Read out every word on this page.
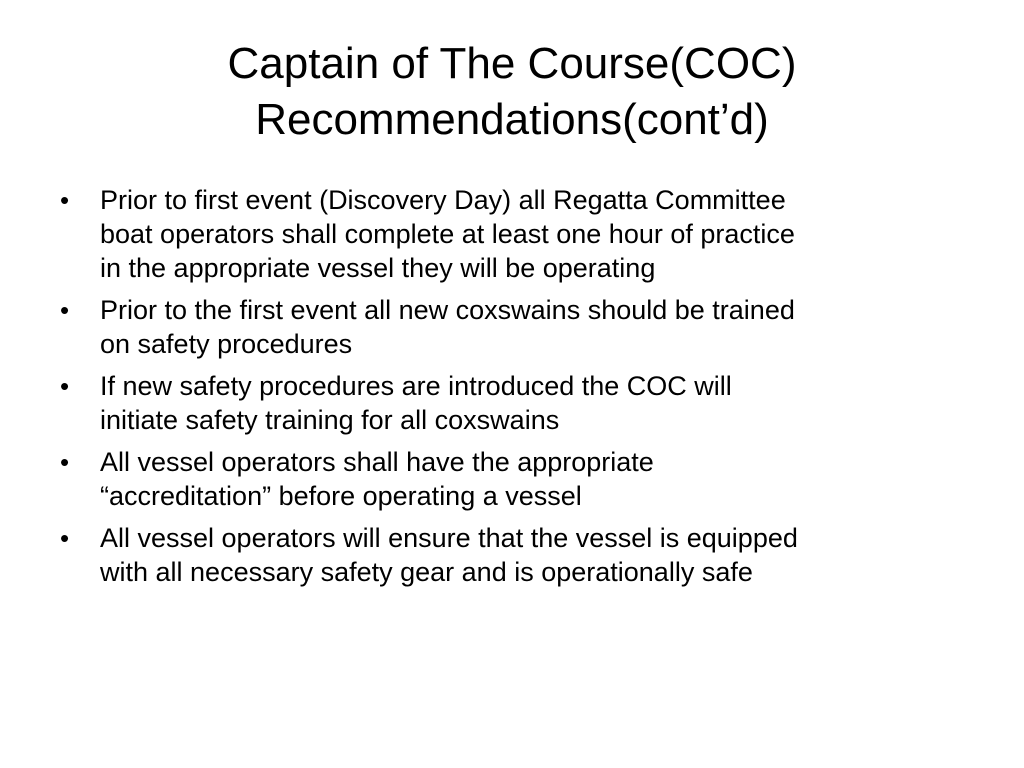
Captain of The Course(COC)
Recommendations(cont’d)
•	Prior to first event (Discovery Day) all Regatta Committee
boat operators shall complete at least one hour of practice
in the appropriate vessel they will be operating
•	Prior to the first event all new coxswains should be trained
on safety procedures
•	If new safety procedures are introduced the COC will
initiate safety training for all coxswains
•	All vessel operators shall have the appropriate
“accreditation” before operating a vessel
•	All vessel operators will ensure that the vessel is equipped
with all necessary safety gear and is operationally safe
